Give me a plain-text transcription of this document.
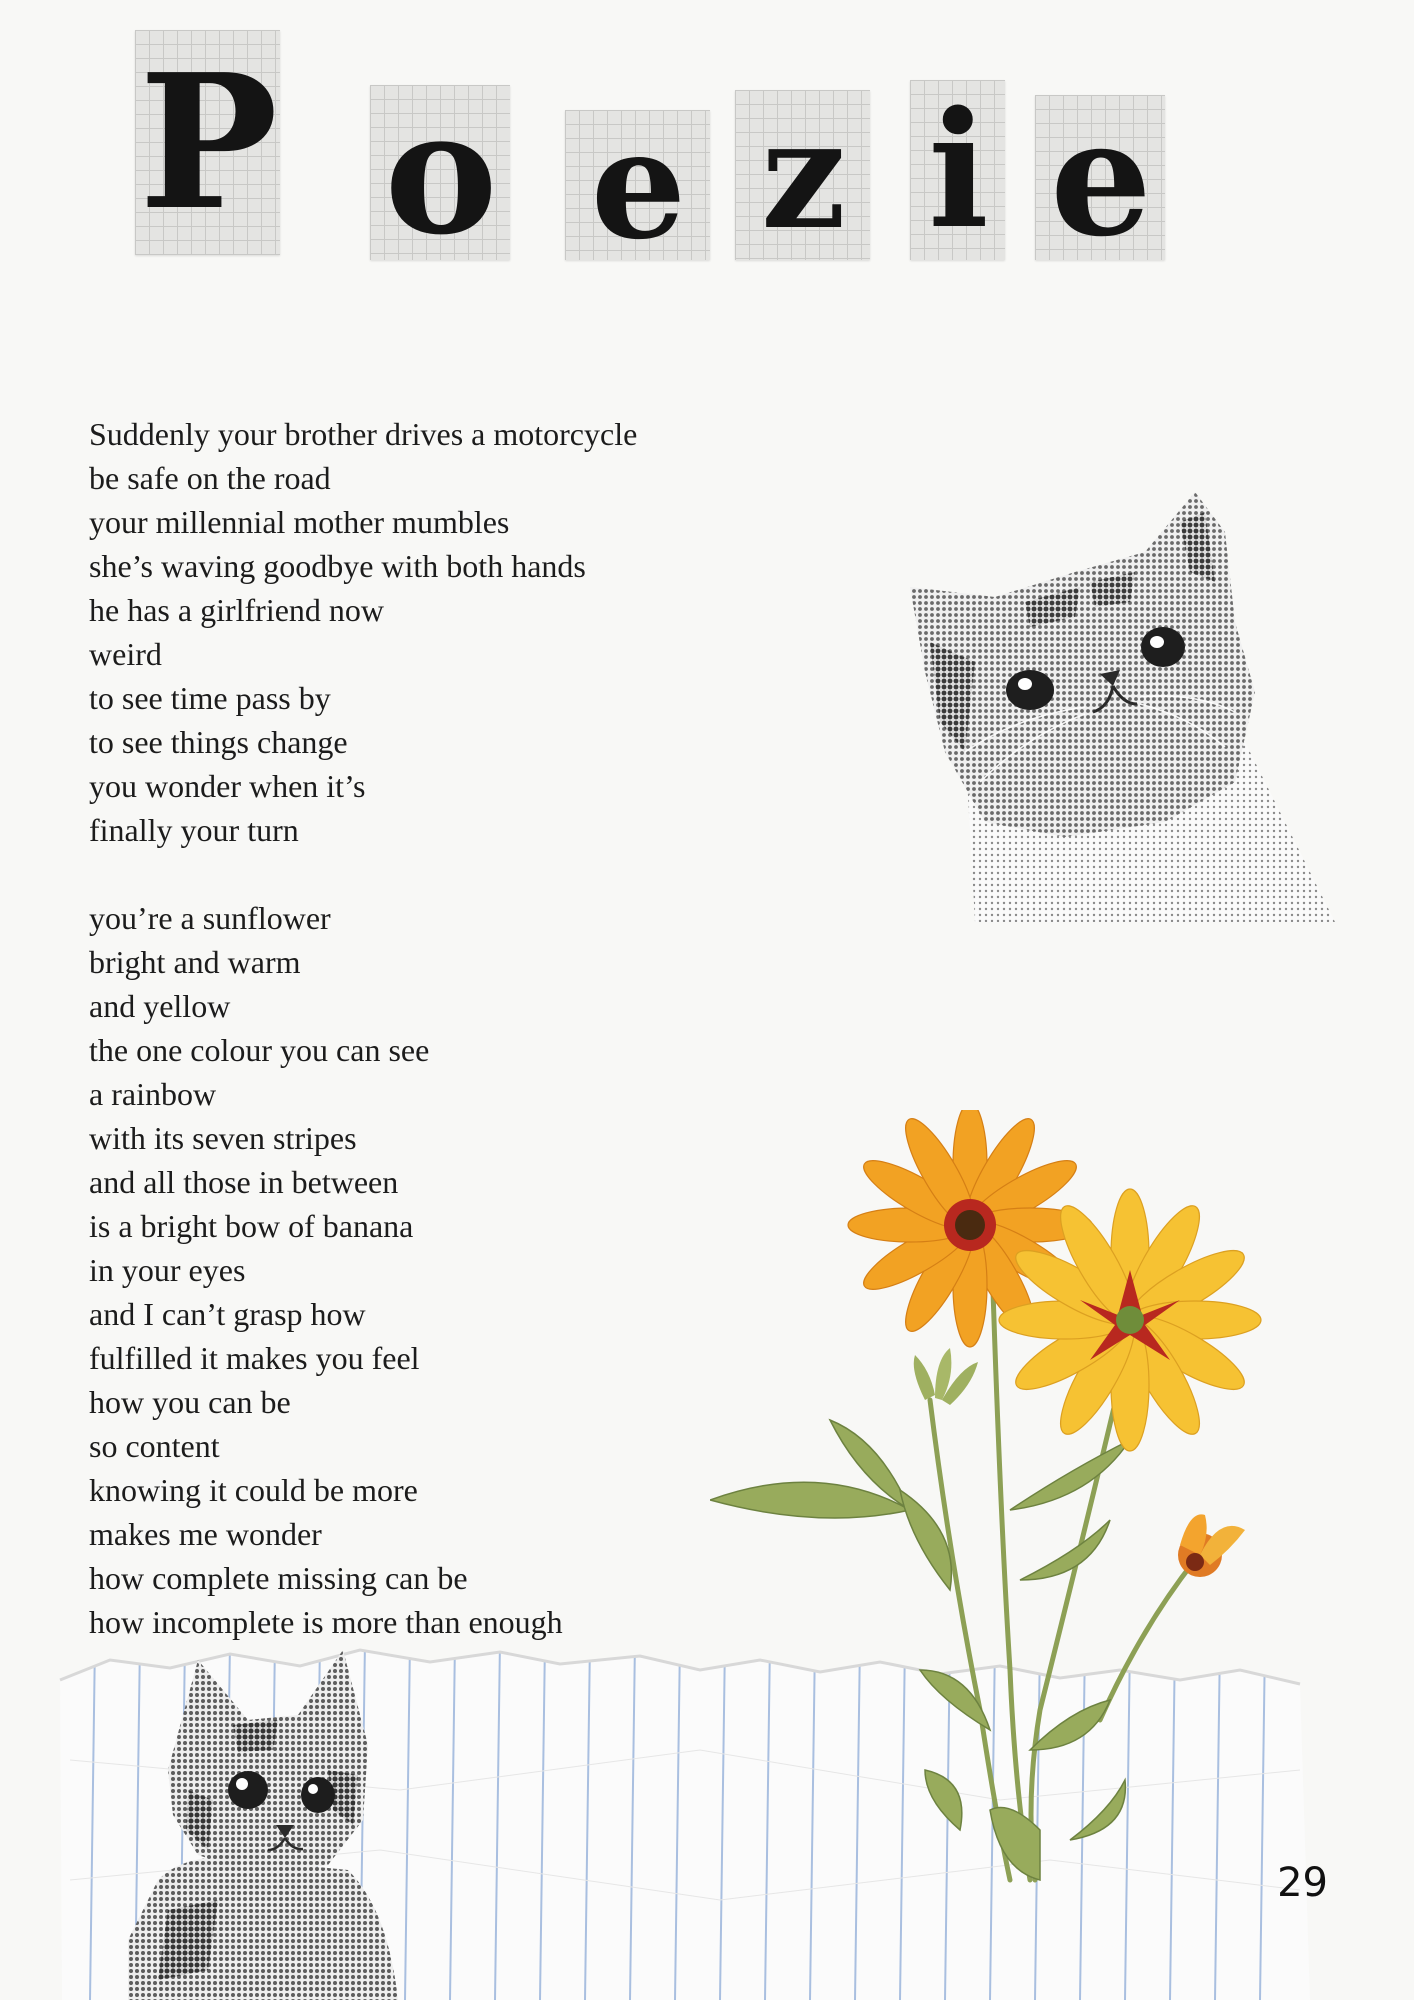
P o e z i e
Suddenly your brother drives a motorcycle
be safe on the road
your millennial mother mumbles
she’s waving goodbye with both hands
he has a girlfriend now
weird
to see time pass by
to see things change
you wonder when it’s
finally your turn
you’re a sunflower
bright and warm
and yellow
the one colour you can see
a rainbow
with its seven stripes
and all those in between
is a bright bow of banana
in your eyes
and I can’t grasp how
fulfilled it makes you feel
how you can be
so content
knowing it could be more
makes me wonder
how complete missing can be
how incomplete is more than enough
29
